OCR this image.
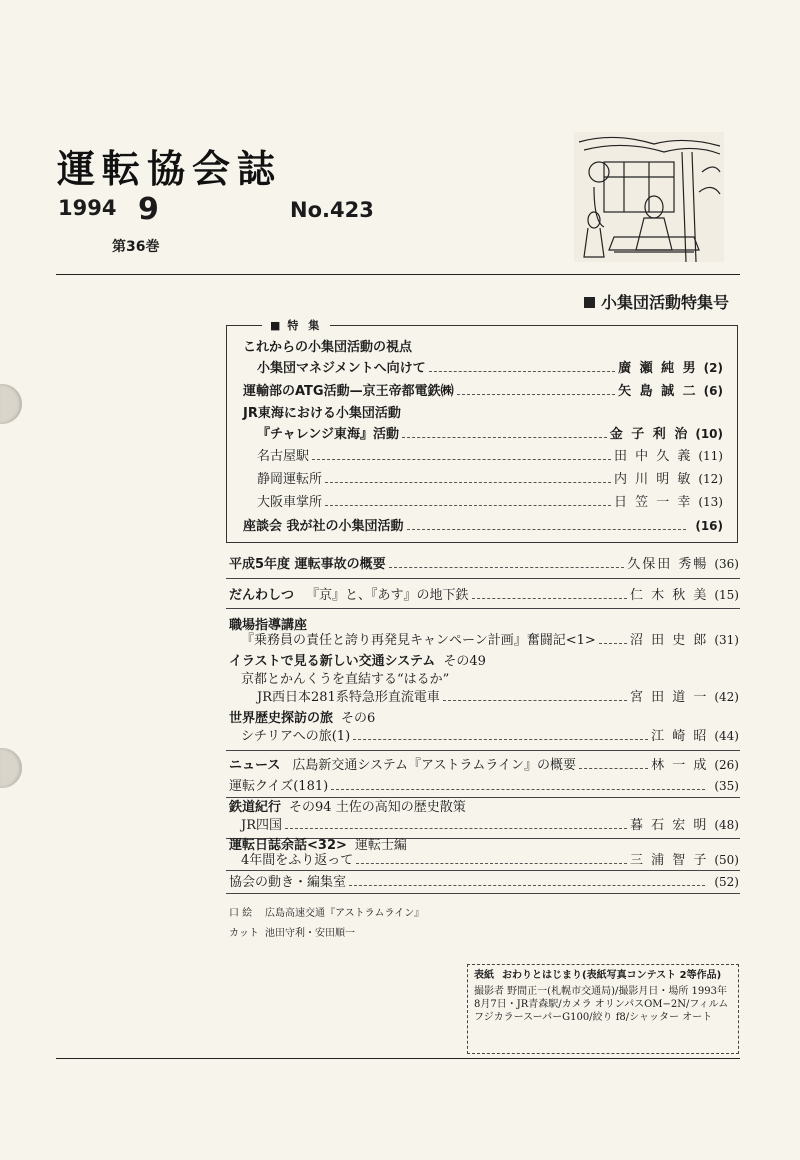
運転協会誌
1994 9	No.423
第36巻
小集団活動特集号
これからの小集団活動の視点
小集団マネジメントへ向けて	廣 瀬 純 男 (2)
運輸部のATG活動—京王帝都電鉄㈱	矢 島 誠 二 (6)
JR東海における小集団活動
『チャレンジ東海』活動	金 子 利 治 (10)
名古屋駅	田 中 久 義 (11)
静岡運転所	内 川 明 敏 (12)
大阪車掌所	日 笠 一 幸 (13)
座談会 我が社の小集団活動	(16)
■ 特 集
平成5年度 運転事故の概要	久保田 秀暢 (36)
だんわしつ 『京』と、『あす』の地下鉄	仁 木 秋 美 (15)
職場指導講座
『乗務員の責任と誇り再発見キャンペーン計画』奮闘記<1>	沼 田 史 郎 (31)
イラストで見る新しい交通システム その49
京都とかんくうを直結する“はるか”
JR西日本281系特急形直流電車	宮 田 道 一 (42)
世界歴史探訪の旅 その6
シチリアへの旅(1)	江 崎 昭 (44)
ニュース 広島新交通システム『アストラムライン』の概要	林 一 成 (26)
運転クイズ(181)	(35)
鉄道紀行 その94 土佐の高知の歴史散策
JR四国	暮 石 宏 明 (48)
運転日誌余話<32> 運転士編
4年間をふり返って	三 浦 智 子 (50)
協会の動き・編集室	(52)
口 絵 広島高速交通『アストラムライン』
カット 池田守利・安田順一
表紙 おわりとはじまり(表紙写真コンテスト 2等作品)
撮影者 野間正一(札幌市交通局)/撮影月日・場所 1993年8月7日・JR青森駅/カメラ オリンパスOM−2N/フィルム フジカラースーパーG100/絞り f8/シャッター オート
